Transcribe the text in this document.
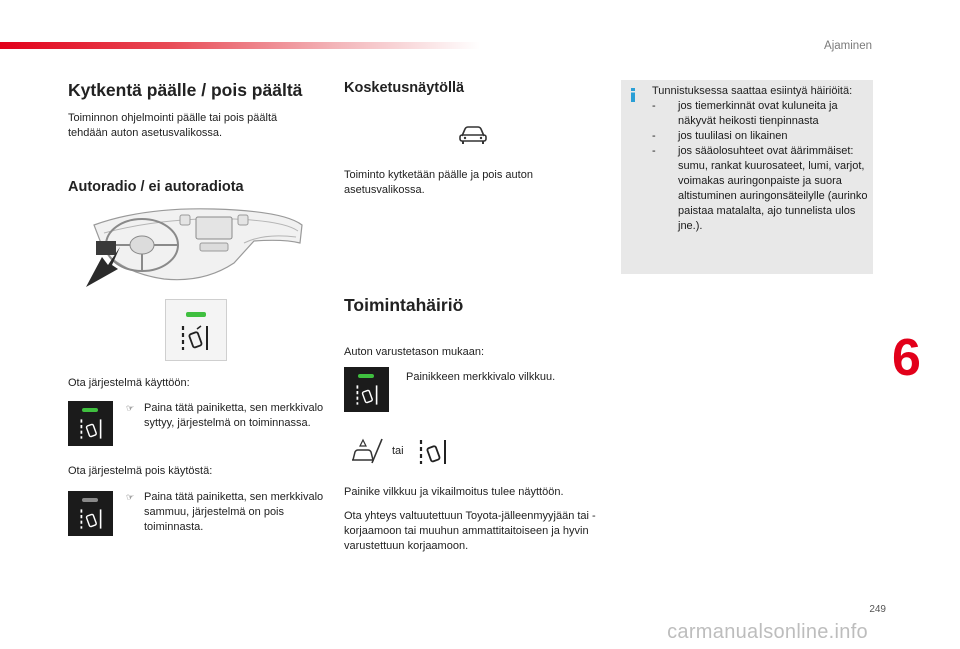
Ajaminen
Kytkentä päälle / pois päältä

Toiminnon ohjelmointi päälle tai pois päältä tehdään auton asetusvalikossa.

Autoradio / ei autoradiota

Ota järjestelmä käyttöön:

☞ Paina tätä painiketta, sen merkkivalo syttyy, järjestelmä on toiminnassa.

Ota järjestelmä pois käytöstä:

☞ Paina tätä painiketta, sen merkkivalo sammuu, järjestelmä on pois toiminnasta.

Kosketusnäytöllä

Toiminto kytketään päälle ja pois auton asetusvalikossa.

Toimintahäiriö

Auton varustetason mukaan:

Painikkeen merkkivalo vilkkuu.

tai

Painike vilkkuu ja vikailmoitus tulee näyttöön.

Ota yhteys valtuutettuun Toyota-jälleenmyyjään tai -korjaamoon tai muuhun ammattitaitoiseen ja hyvin varustettuun korjaamoon.

Tunnistuksessa saattaa esiintyä häiriöitä:

- jos tiemerkinnät ovat kuluneita ja näkyvät heikosti tienpinnasta
- jos tuulilasi on likainen
- jos sääolosuhteet ovat äärimmäiset: sumu, rankat kuurosateet, lumi, varjot, voimakas auringonpaiste ja suora altistuminen auringonsäteilylle (aurinko paistaa matalalta, ajo tunnelista ulos jne.).
6
249
carmanualsonline.info
